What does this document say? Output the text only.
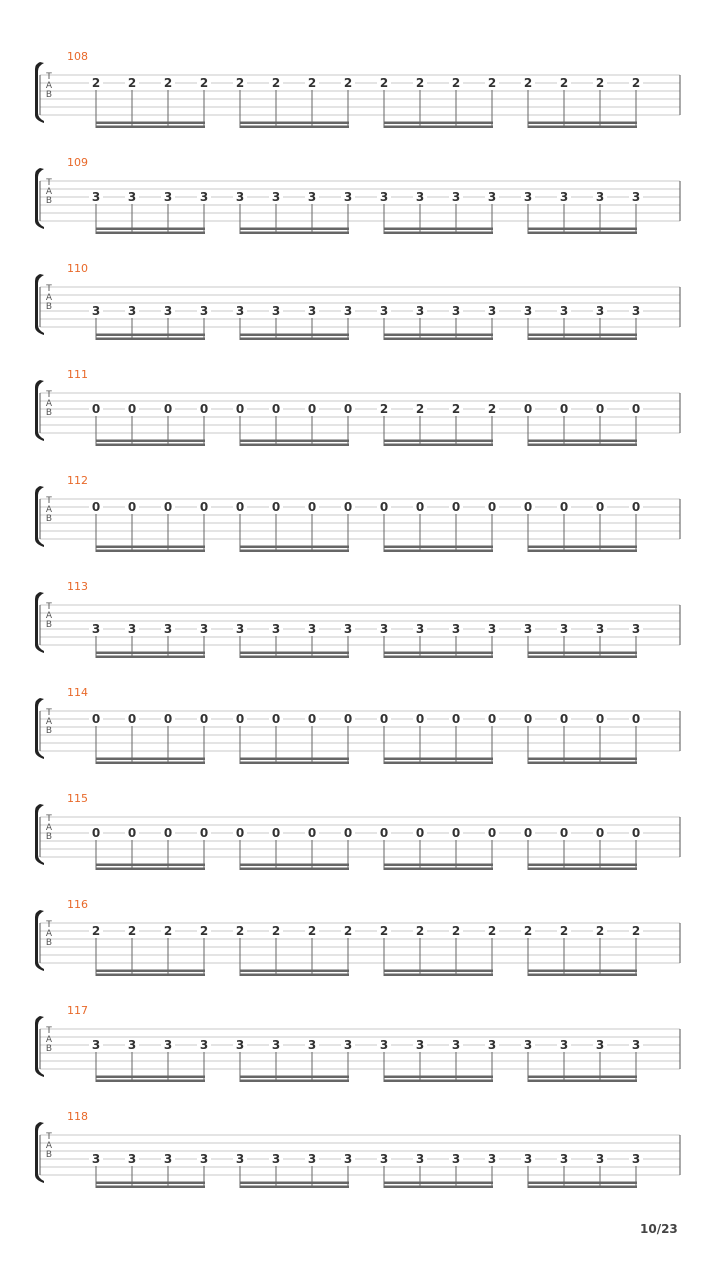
108
T
A
B
2 2 2 2 2 2 2 2 2 2 2 2 2 2 2 2
109
T
A
B	3 3 3 3 3 3 3 3 3 3 3 3 3 3 3 3
110
T
A
B	3 3 3 3 3 3 3 3 3 3 3 3 3 3 3 3
111
T
A
B	0 0 0 0 0 0 0 0 2 2 2 2 0 0 0 0
112
T
A
B
0 0 0 0 0 0 0 0 0 0 0 0 0 0 0 0
113
T
A
B	3 3 3 3 3 3 3 3 3 3 3 3 3 3 3 3
114
T
A
B
0 0 0 0 0 0 0 0 0 0 0 0 0 0 0 0
115
T
A
B	0 0 0 0 0 0 0 0 0 0 0 0 0 0 0 0
116
T
A
B
2 2 2 2 2 2 2 2 2 2 2 2 2 2 2 2
117
T
A
B	3 3 3 3 3 3 3 3 3 3 3 3 3 3 3 3
118
T
A
B	3 3 3 3 3 3 3 3 3 3 3 3 3 3 3 3
10/23
